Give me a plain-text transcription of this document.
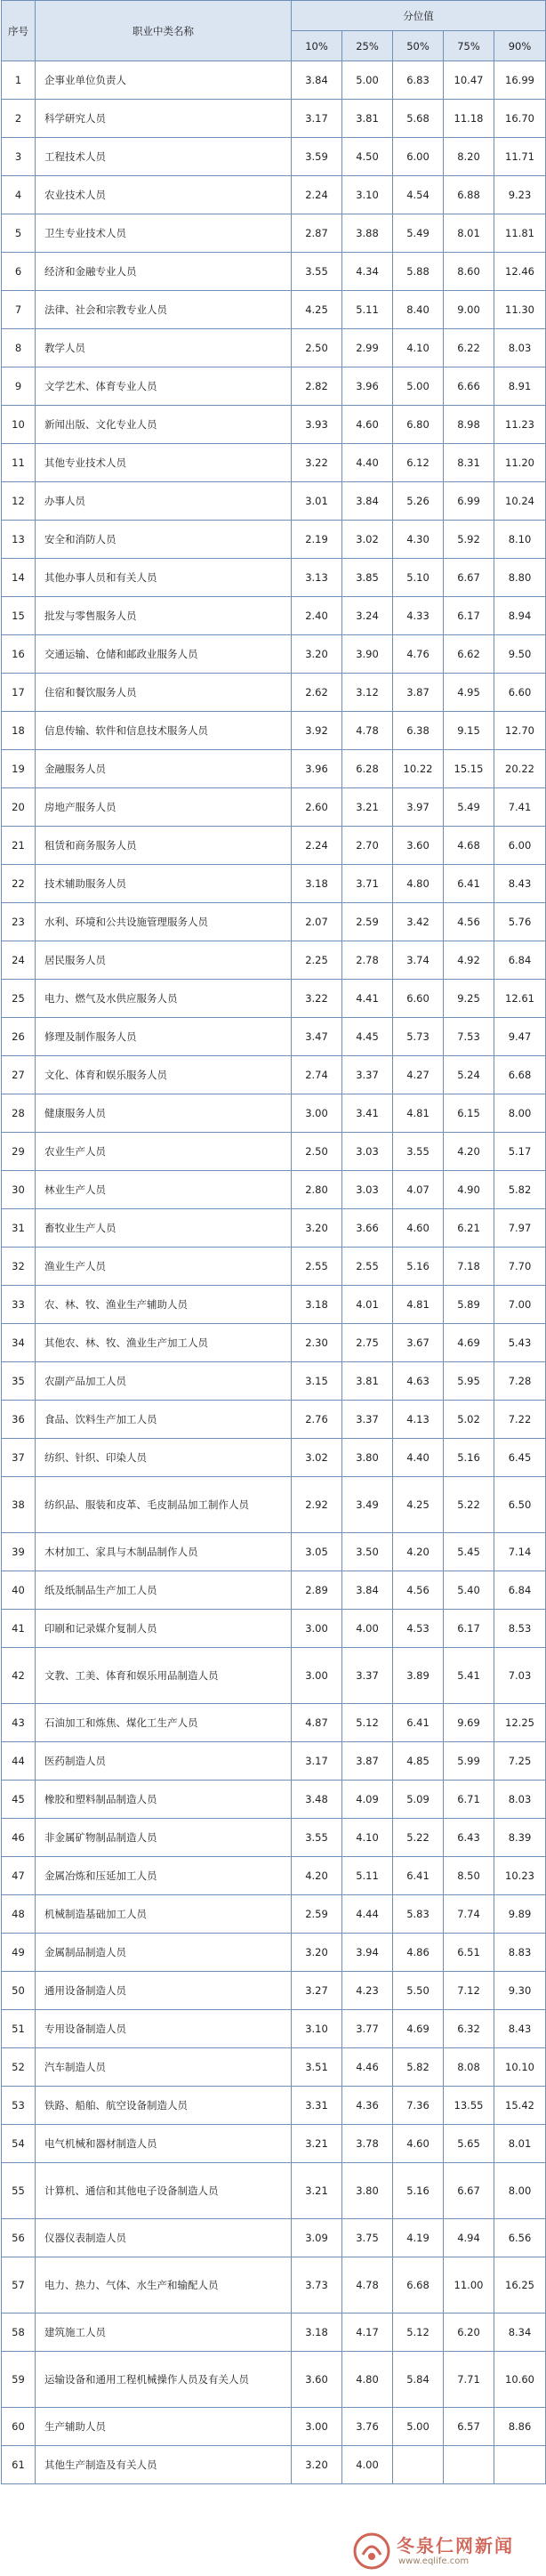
序号	职业中类名称	分位值				
		10%	25%	50%	75%	90%
1	企事业单位负责人	3.84	5.00	6.83	10.47	16.99
2	科学研究人员	3.17	3.81	5.68	11.18	16.70
3	工程技术人员	3.59	4.50	6.00	8.20	11.71
4	农业技术人员	2.24	3.10	4.54	6.88	9.23
5	卫生专业技术人员	2.87	3.88	5.49	8.01	11.81
6	经济和金融专业人员	3.55	4.34	5.88	8.60	12.46
7	法律、社会和宗教专业人员	4.25	5.11	8.40	9.00	11.30
8	教学人员	2.50	2.99	4.10	6.22	8.03
9	文学艺术、体育专业人员	2.82	3.96	5.00	6.66	8.91
10	新闻出版、文化专业人员	3.93	4.60	6.80	8.98	11.23
11	其他专业技术人员	3.22	4.40	6.12	8.31	11.20
12	办事人员	3.01	3.84	5.26	6.99	10.24
13	安全和消防人员	2.19	3.02	4.30	5.92	8.10
14	其他办事人员和有关人员	3.13	3.85	5.10	6.67	8.80
15	批发与零售服务人员	2.40	3.24	4.33	6.17	8.94
16	交通运输、仓储和邮政业服务人员	3.20	3.90	4.76	6.62	9.50
17	住宿和餐饮服务人员	2.62	3.12	3.87	4.95	6.60
18	信息传输、软件和信息技术服务人员	3.92	4.78	6.38	9.15	12.70
19	金融服务人员	3.96	6.28	10.22	15.15	20.22
20	房地产服务人员	2.60	3.21	3.97	5.49	7.41
21	租赁和商务服务人员	2.24	2.70	3.60	4.68	6.00
22	技术辅助服务人员	3.18	3.71	4.80	6.41	8.43
23	水利、环境和公共设施管理服务人员	2.07	2.59	3.42	4.56	5.76
24	居民服务人员	2.25	2.78	3.74	4.92	6.84
25	电力、燃气及水供应服务人员	3.22	4.41	6.60	9.25	12.61
26	修理及制作服务人员	3.47	4.45	5.73	7.53	9.47
27	文化、体育和娱乐服务人员	2.74	3.37	4.27	5.24	6.68
28	健康服务人员	3.00	3.41	4.81	6.15	8.00
29	农业生产人员	2.50	3.03	3.55	4.20	5.17
30	林业生产人员	2.80	3.03	4.07	4.90	5.82
31	畜牧业生产人员	3.20	3.66	4.60	6.21	7.97
32	渔业生产人员	2.55	2.55	5.16	7.18	7.70
33	农、林、牧、渔业生产辅助人员	3.18	4.01	4.81	5.89	7.00
34	其他农、林、牧、渔业生产加工人员	2.30	2.75	3.67	4.69	5.43
35	农副产品加工人员	3.15	3.81	4.63	5.95	7.28
36	食品、饮料生产加工人员	2.76	3.37	4.13	5.02	7.22
37	纺织、针织、印染人员	3.02	3.80	4.40	5.16	6.45
38	纺织品、服装和皮革、毛皮制品加工制作人员	2.92	3.49	4.25	5.22	6.50
39	木材加工、家具与木制品制作人员	3.05	3.50	4.20	5.45	7.14
40	纸及纸制品生产加工人员	2.89	3.84	4.56	5.40	6.84
41	印刷和记录媒介复制人员	3.00	4.00	4.53	6.17	8.53
42	文教、工美、体育和娱乐用品制造人员	3.00	3.37	3.89	5.41	7.03
43	石油加工和炼焦、煤化工生产人员	4.87	5.12	6.41	9.69	12.25
44	医药制造人员	3.17	3.87	4.85	5.99	7.25
45	橡胶和塑料制品制造人员	3.48	4.09	5.09	6.71	8.03
46	非金属矿物制品制造人员	3.55	4.10	5.22	6.43	8.39
47	金属冶炼和压延加工人员	4.20	5.11	6.41	8.50	10.23
48	机械制造基础加工人员	2.59	4.44	5.83	7.74	9.89
49	金属制品制造人员	3.20	3.94	4.86	6.51	8.83
50	通用设备制造人员	3.27	4.23	5.50	7.12	9.30
51	专用设备制造人员	3.10	3.77	4.69	6.32	8.43
52	汽车制造人员	3.51	4.46	5.82	8.08	10.10
53	铁路、船舶、航空设备制造人员	3.31	4.36	7.36	13.55	15.42
54	电气机械和器材制造人员	3.21	3.78	4.60	5.65	8.01
55	计算机、通信和其他电子设备制造人员	3.21	3.80	5.16	6.67	8.00
56	仪器仪表制造人员	3.09	3.75	4.19	4.94	6.56
57	电力、热力、气体、水生产和输配人员	3.73	4.78	6.68	11.00	16.25
58	建筑施工人员	3.18	4.17	5.12	6.20	8.34
59	运输设备和通用工程机械操作人员及有关人员	3.60	4.80	5.84	7.71	10.60
60	生产辅助人员	3.00	3.76	5.00	6.57	8.86
61	其他生产制造及有关人员	3.20	4.00			
冬泉仁网新闻
www.eqlife.com
